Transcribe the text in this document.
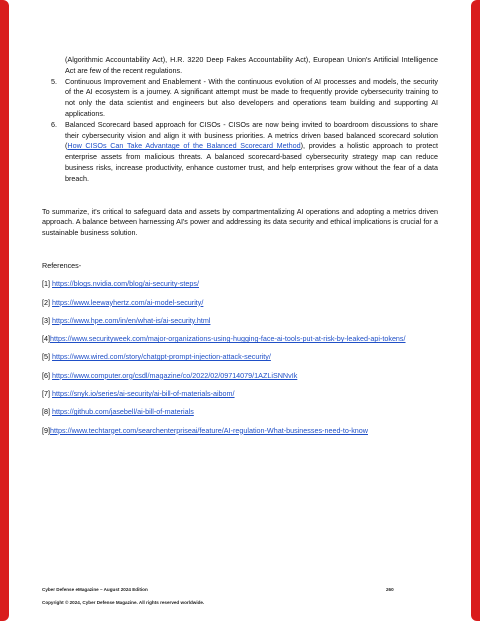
(Algorithmic Accountability Act), H.R. 3220 Deep Fakes Accountability Act), European Union's Artificial Intelligence Act are few of the recent regulations.
5. Continuous Improvement and Enablement - With the continuous evolution of AI processes and models, the security of the AI ecosystem is a journey. A significant attempt must be made to frequently provide cybersecurity training to not only the data scientist and engineers but also developers and operations team building and supporting AI applications.
6. Balanced Scorecard based approach for CISOs - CISOs are now being invited to boardroom discussions to share their cybersecurity vision and align it with business priorities. A metrics driven based balanced scorecard solution (How CISOs Can Take Advantage of the Balanced Scorecard Method), provides a holistic approach to protect enterprise assets from malicious threats. A balanced scorecard-based cybersecurity strategy map can reduce business risks, increase productivity, enhance customer trust, and help enterprises grow without the fear of a data breach.
To summarize, it's critical to safeguard data and assets by compartmentalizing AI operations and adopting a metrics driven approach. A balance between harnessing AI's power and addressing its data security and ethical implications is crucial for a sustainable business solution.
References-
[1] https://blogs.nvidia.com/blog/ai-security-steps/
[2] https://www.leewayhertz.com/ai-model-security/
[3] https://www.hpe.com/in/en/what-is/ai-security.html
[4]https://www.securityweek.com/major-organizations-using-hugging-face-ai-tools-put-at-risk-by-leaked-api-tokens/
[5] https://www.wired.com/story/chatgpt-prompt-injection-attack-security/
[6] https://www.computer.org/csdl/magazine/co/2022/02/09714079/1AZLiSNNvIk
[7] https://snyk.io/series/ai-security/ai-bill-of-materials-aibom/
[8] https://github.com/jasebell/ai-bill-of-materials
[9]https://www.techtarget.com/searchenterpriseai/feature/AI-regulation-What-businesses-need-to-know
Cyber Defense eMagazine – August 2024 Edition	260
Copyright © 2024, Cyber Defense Magazine. All rights reserved worldwide.
